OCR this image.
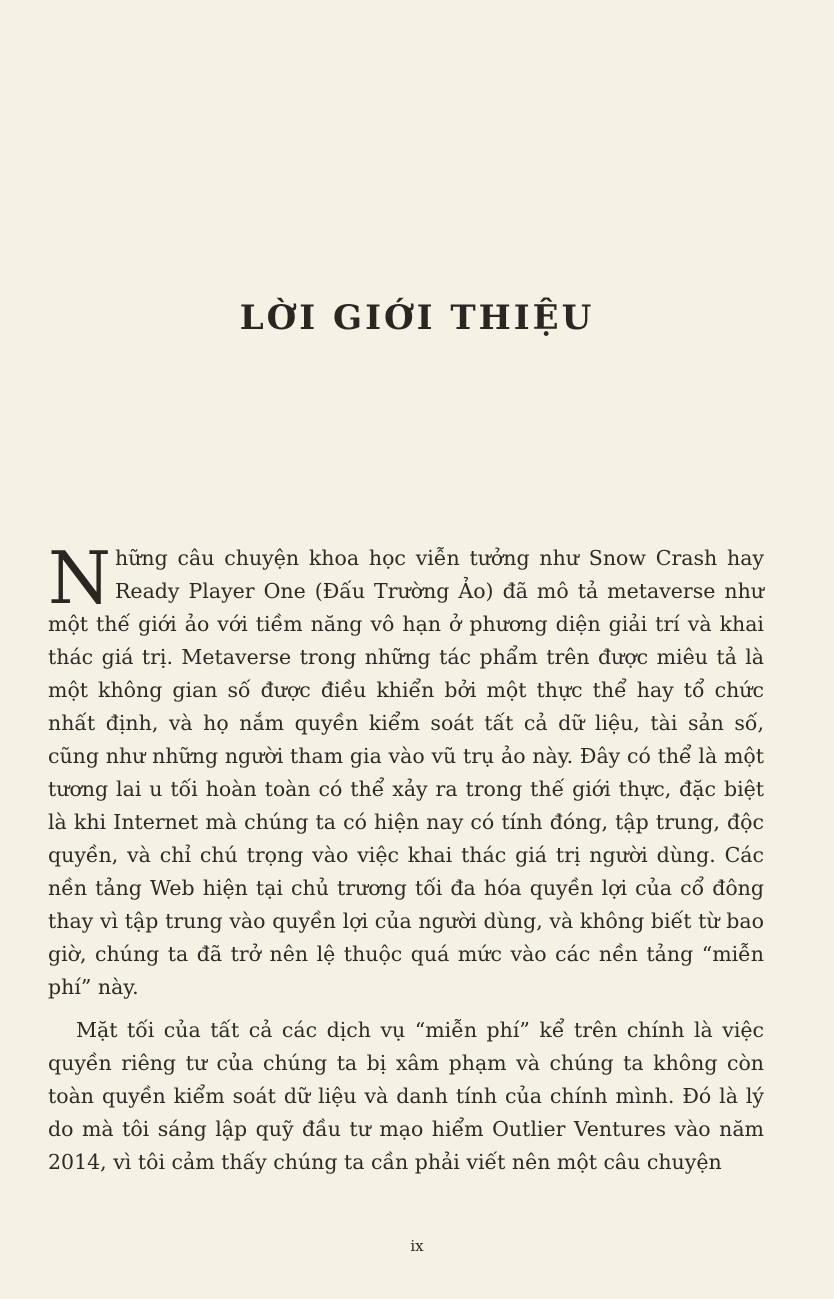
LỜI GIỚI THIỆU

Những câu chuyện khoa học viễn tưởng như Snow Crash hay Ready Player One (Đấu Trường Ảo) đã mô tả metaverse như một thế giới ảo với tiềm năng vô hạn ở phương diện giải trí và khai thác giá trị. Metaverse trong những tác phẩm trên được miêu tả là một không gian số được điều khiển bởi một thực thể hay tổ chức nhất định, và họ nắm quyền kiểm soát tất cả dữ liệu, tài sản số, cũng như những người tham gia vào vũ trụ ảo này. Đây có thể là một tương lai u tối hoàn toàn có thể xảy ra trong thế giới thực, đặc biệt là khi Internet mà chúng ta có hiện nay có tính đóng, tập trung, độc quyền, và chỉ chú trọng vào việc khai thác giá trị người dùng. Các nền tảng Web hiện tại chủ trương tối đa hóa quyền lợi của cổ đông thay vì tập trung vào quyền lợi của người dùng, và không biết từ bao giờ, chúng ta đã trở nên lệ thuộc quá mức vào các nền tảng “miễn phí” này.

Mặt tối của tất cả các dịch vụ “miễn phí” kể trên chính là việc quyền riêng tư của chúng ta bị xâm phạm và chúng ta không còn toàn quyền kiểm soát dữ liệu và danh tính của chính mình. Đó là lý do mà tôi sáng lập quỹ đầu tư mạo hiểm Outlier Ventures vào năm 2014, vì tôi cảm thấy chúng ta cần phải viết nên một câu chuyện

ix
